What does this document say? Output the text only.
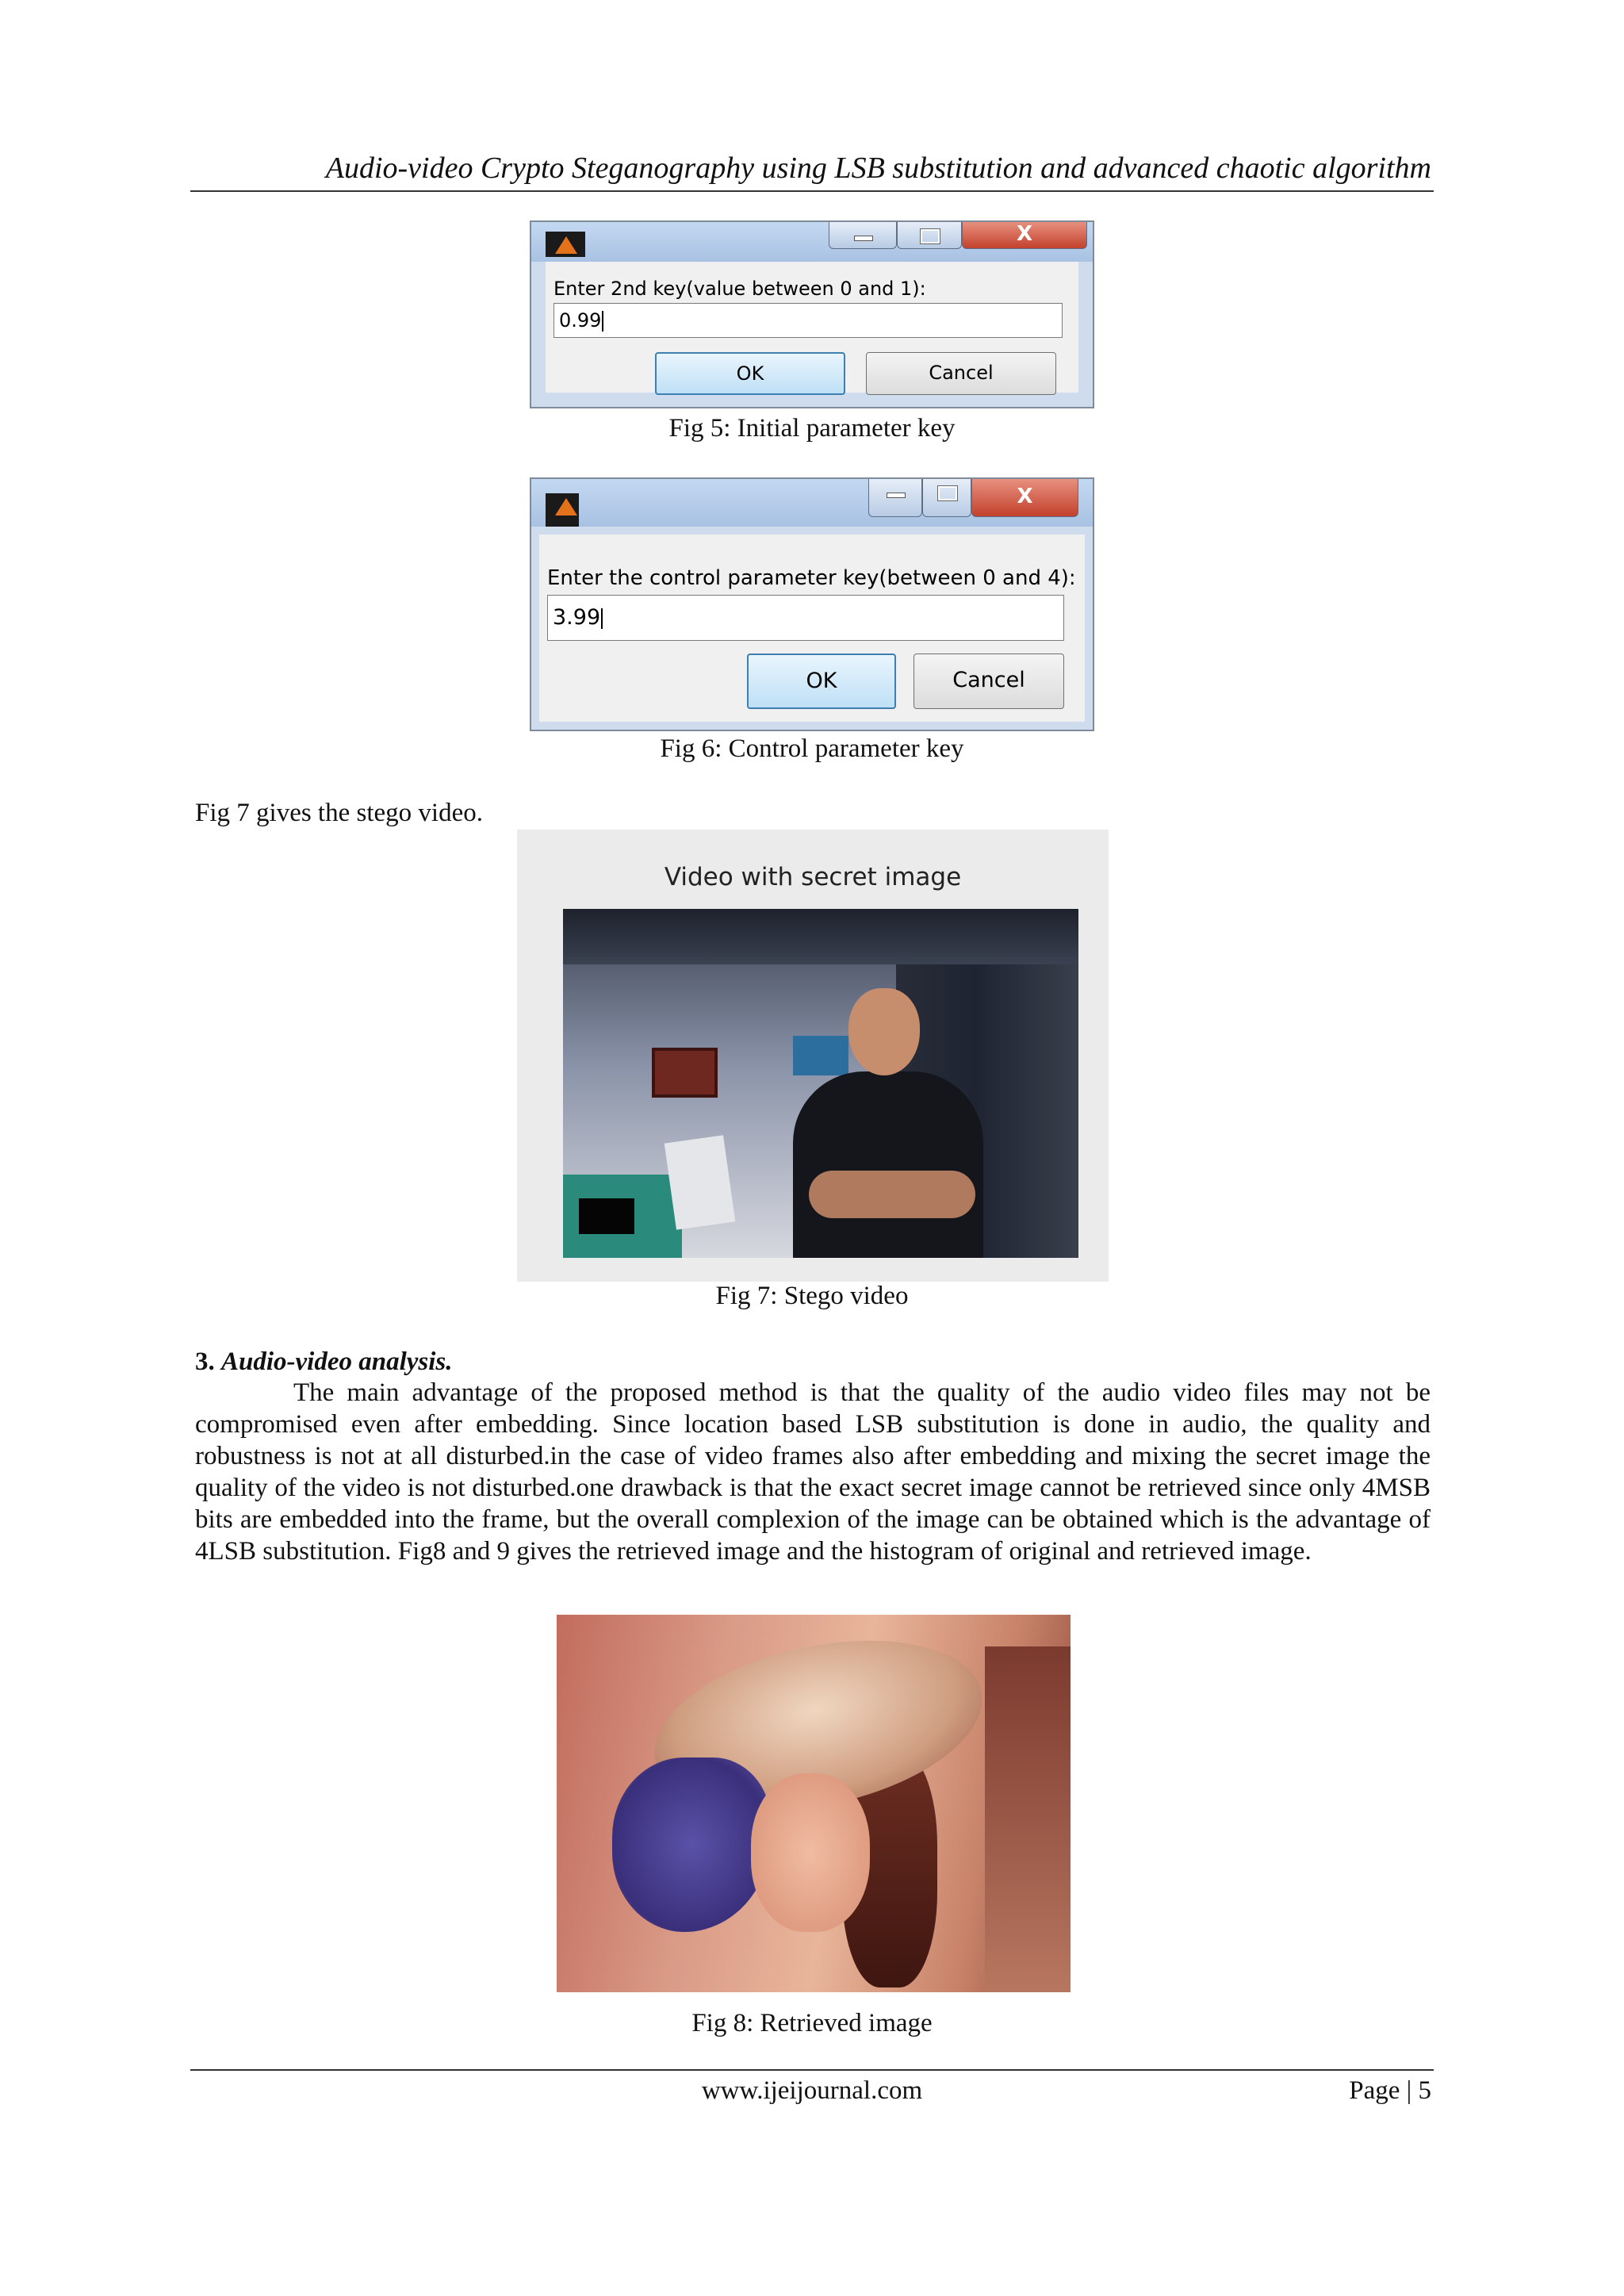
Audio-video Crypto Steganography using LSB substitution and advanced chaotic algorithm
X
Enter 2nd key(value between 0 and 1):
0.99
OK	Cancel
Fig 5: Initial parameter key
X
Enter the control parameter key(between 0 and 4):
3.99
OK	Cancel
Fig 6: Control parameter key
Fig 7 gives the stego video.
Video with secret image
Fig 7: Stego video
3. Audio-video analysis.
The main advantage of the proposed method is that the quality of the audio video files may not be compromised even after embedding. Since location based LSB substitution is done in audio, the quality and robustness is not at all disturbed.in the case of video frames also after embedding and mixing the secret image the quality of the video is not disturbed.one drawback is that the exact secret image cannot be retrieved since only 4MSB bits are embedded into the frame, but the overall complexion of the image can be obtained which is the advantage of 4LSB substitution. Fig8 and 9 gives the retrieved image and the histogram of original and retrieved image.
Fig 8: Retrieved image
www.ijeijournal.com	Page | 5
